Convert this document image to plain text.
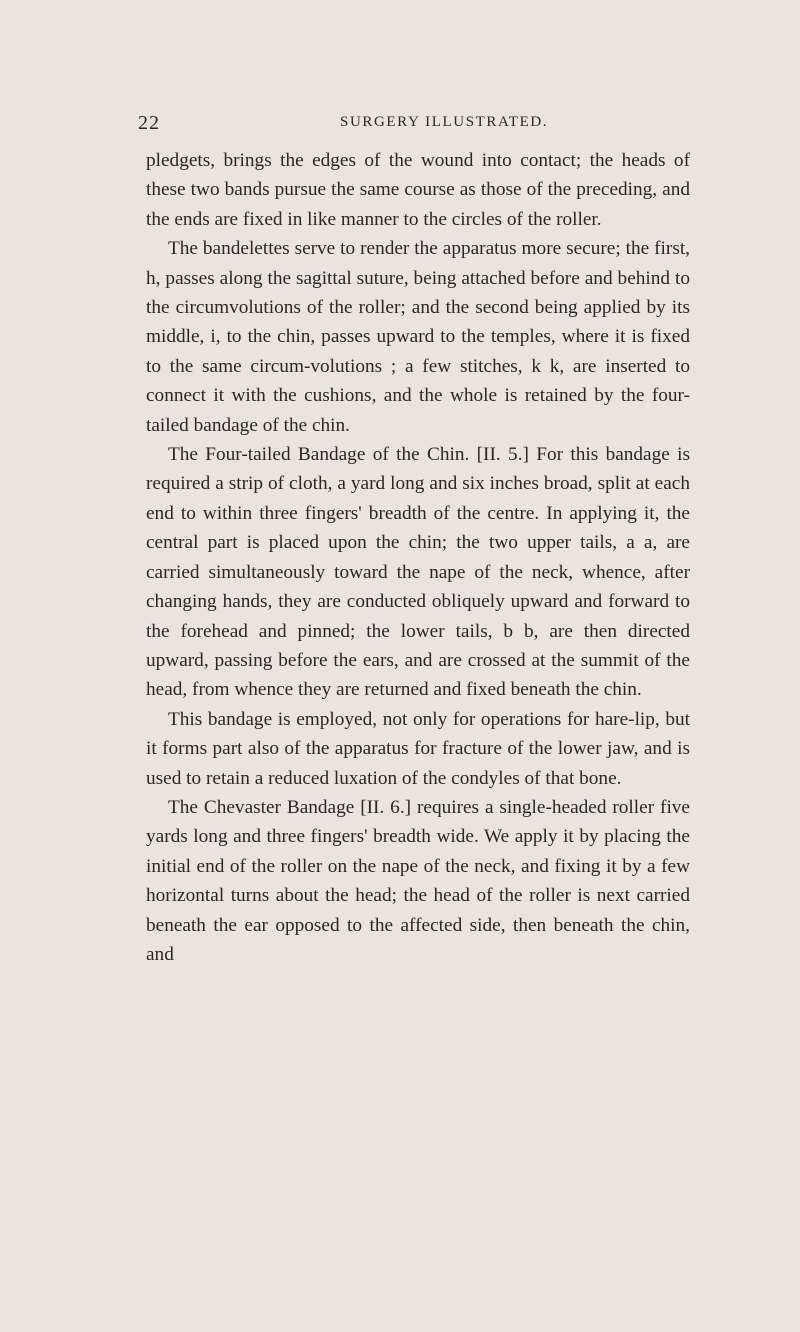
22	SURGERY ILLUSTRATED.

pledgets, brings the edges of the wound into contact; the heads of these two bands pursue the same course as those of the preceding, and the ends are fixed in like manner to the circles of the roller.

The bandelettes serve to render the apparatus more secure; the first, h, passes along the sagittal suture, being attached before and behind to the circumvolutions of the roller; and the second being applied by its middle, i, to the chin, passes upward to the temples, where it is fixed to the same circum-volutions ; a few stitches, k k, are inserted to connect it with the cushions, and the whole is retained by the four-tailed bandage of the chin.

The Four-tailed Bandage of the Chin. [II. 5.] For this bandage is required a strip of cloth, a yard long and six inches broad, split at each end to within three fingers' breadth of the centre. In applying it, the central part is placed upon the chin; the two upper tails, a a, are carried simultaneously toward the nape of the neck, whence, after changing hands, they are conducted obliquely upward and forward to the forehead and pinned; the lower tails, b b, are then directed upward, passing before the ears, and are crossed at the summit of the head, from whence they are returned and fixed beneath the chin.

This bandage is employed, not only for operations for hare-lip, but it forms part also of the apparatus for fracture of the lower jaw, and is used to retain a reduced luxation of the condyles of that bone.

The Chevaster Bandage [II. 6.] requires a single-headed roller five yards long and three fingers' breadth wide. We apply it by placing the initial end of the roller on the nape of the neck, and fixing it by a few horizontal turns about the head; the head of the roller is next carried beneath the ear opposed to the affected side, then beneath the chin, and
